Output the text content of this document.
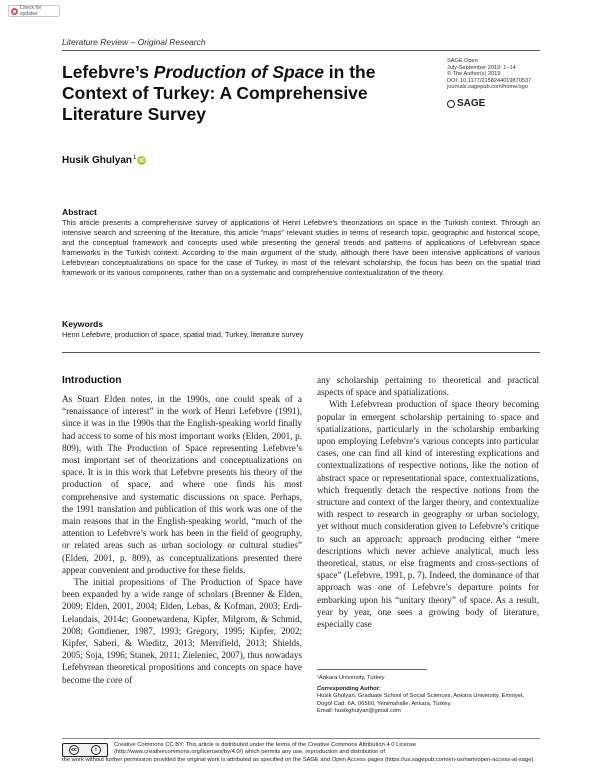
Check for updates
Literature Review – Original Research
Lefebvre’s Production of Space in the Context of Turkey: A Comprehensive Literature Survey
SAGE Open
July-September 2019: 1–14
© The Author(s) 2019
DOI: 10.1177/2158244019870537
journals.sagepub.com/home/sgo
SAGE
Husik Ghulyan$^1$ iD
Abstract
This article presents a comprehensive survey of applications of Henri Lefebvre’s theorizations on space in the Turkish context. Through an intensive search and screening of the literature, this article “maps” relevant studies in terms of research topic, geographic and historical scope, and the conceptual framework and concepts used while presenting the general trends and patterns of applications of Lefebvrean space frameworks in the Turkish context. According to the main argument of the study, although there have been intensive applications of various Lefebvrean conceptualizations on space for the case of Turkey, in most of the relevant scholarship, the focus has been on the spatial triad framework or its various components, rather than on a systematic and comprehensive contextualization of the theory.
Keywords
Henri Lefebvre, production of space, spatial triad, Turkey, literature survey
Introduction

As Stuart Elden notes, in the 1990s, one could speak of a “renaissance of interest” in the work of Henri Lefebvre (1991), since it was in the 1990s that the English-speaking world finally had access to some of his most important works (Elden, 2001, p. 809), with The Production of Space representing Lefebvre’s most important set of theorizations and conceptualizations on space. It is in this work that Lefebvre presents his theory of the production of space, and where one finds his most comprehensive and systematic discussions on space. Perhaps, the 1991 translation and publication of this work was one of the main reasons that in the English-speaking world, “much of the attention to Lefebvre’s work has been in the field of geography, or related areas such as urban sociology or cultural studies” (Elden, 2001, p. 809), as conceptualizations presented there appear convenient and productive for these fields.

The initial propositions of The Production of Space have been expanded by a wide range of scholars (Brenner & Elden, 2009; Elden, 2001, 2004; Elden, Lebas, & Kofman, 2003; Erdi-Lelandais, 2014c; Goonewardena, Kipfer, Milgrom, & Schmid, 2008; Gottdiener, 1987, 1993; Gregory, 1995; Kipfer, 2002; Kipfer, Saberi, & Wieditz, 2013; Merrifield, 2013; Shields, 2005; Soja, 1996; Stanek, 2011; Zieleniec, 2007), thus nowadays Lefebvrean theoretical propositions and concepts on space have become the core of

any scholarship pertaining to theoretical and practical aspects of space and spatializations.

With Lefebvrean production of space theory becoming popular in emergent scholarship pertaining to space and spatializations, particularly in the scholarship embarking upon employing Lefebvre’s various concepts into particular cases, one can find all kind of interesting explications and contextualizations of respective notions, like the notion of abstract space or representational space, contextualizations, which frequently detach the respective notions from the structure and context of the larger theory, and contextualize with respect to research in geography or urban sociology, yet without much consideration given to Lefebvre’s critique to such an approach: approach producing either “mere descriptions which never achieve analytical, much less theoretical, status, or else fragments and cross-sections of space” (Lefebvre, 1991, p. 7). Indeed, the dominance of that approach was one of Lefebvre’s departure points for embarking upon his “unitary theory” of space. As a result, year by year, one sees a growing body of literature, especially case

¹Ankara University, Turkey
Corresponding Author:
Husik Ghulyan, Graduate School of Social Sciences, Ankara University, Emniyet, Dogöl Cad. 6A, 06560, Yenimahalle, Ankara, Turkey.
Email: husikghulyan@gmail.com
cc	i
Creative Commons CC BY: This article is distributed under the terms of the Creative Commons Attribution 4.0 License (http://www.creativecommons.org/licenses/by/4.0/) which permits any use, reproduction and distribution of
the work without further permission provided the original work is attributed as specified on the SAGE and Open Access pages (https://us.sagepub.com/en-us/nam/open-access-at-sage).
